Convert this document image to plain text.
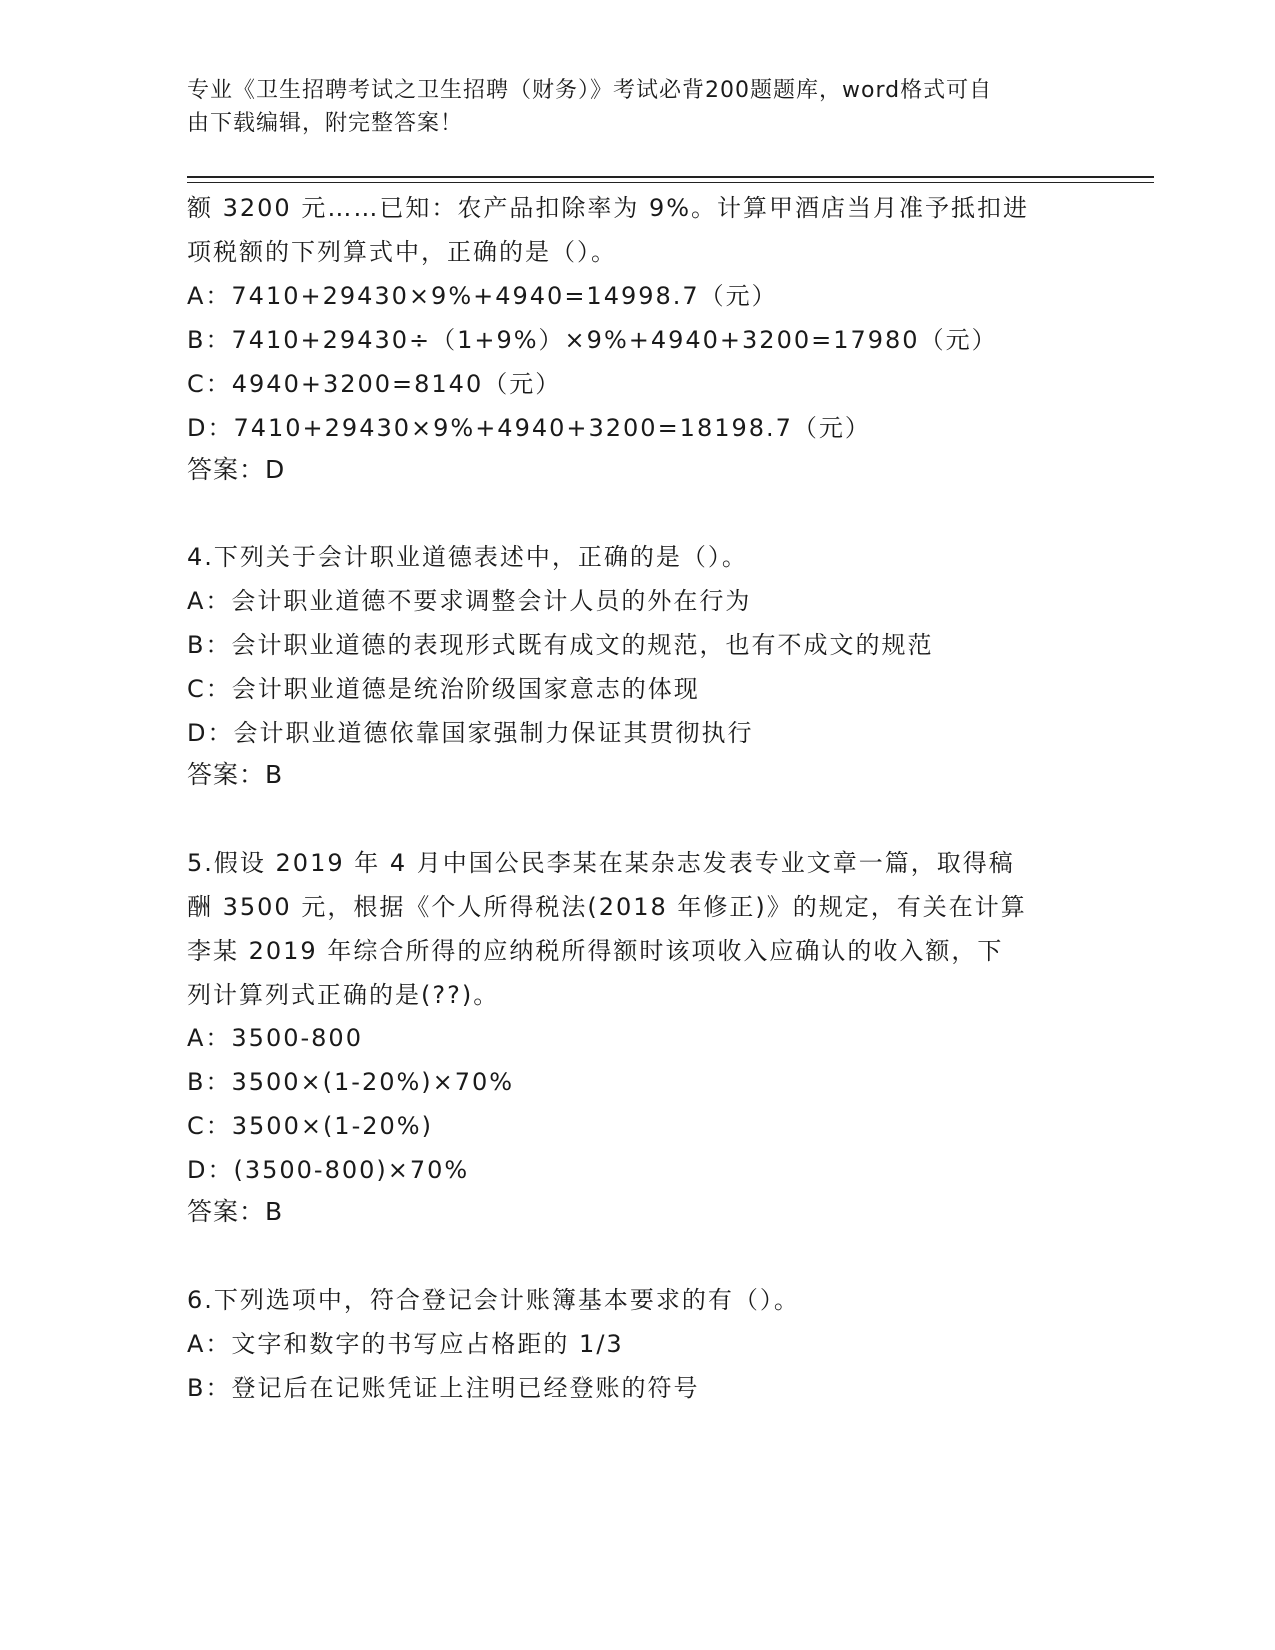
专业《卫生招聘考试之卫生招聘（财务）》考试必背200题题库，word格式可自
由下载编辑，附完整答案！
额 3200 元……已知：农产品扣除率为 9%。计算甲酒店当月准予抵扣进
项税额的下列算式中，正确的是（）。
A：7410+29430×9%+4940=14998.7（元）
B：7410+29430÷（1+9%）×9%+4940+3200=17980（元）
C：4940+3200=8140（元）
D：7410+29430×9%+4940+3200=18198.7（元）
答案：D
4.下列关于会计职业道德表述中，正确的是（）。
A：会计职业道德不要求调整会计人员的外在行为
B：会计职业道德的表现形式既有成文的规范，也有不成文的规范
C：会计职业道德是统治阶级国家意志的体现
D：会计职业道德依靠国家强制力保证其贯彻执行
答案：B
5.假设 2019 年 4 月中国公民李某在某杂志发表专业文章一篇，取得稿
酬 3500 元，根据《个人所得税法(2018 年修正)》的规定，有关在计算
李某 2019 年综合所得的应纳税所得额时该项收入应确认的收入额，下
列计算列式正确的是(??)。
A：3500-800
B：3500×(1-20%)×70%
C：3500×(1-20%)
D：(3500-800)×70%
答案：B
6.下列选项中，符合登记会计账簿基本要求的有（）。
A：文字和数字的书写应占格距的 1/3
B：登记后在记账凭证上注明已经登账的符号
